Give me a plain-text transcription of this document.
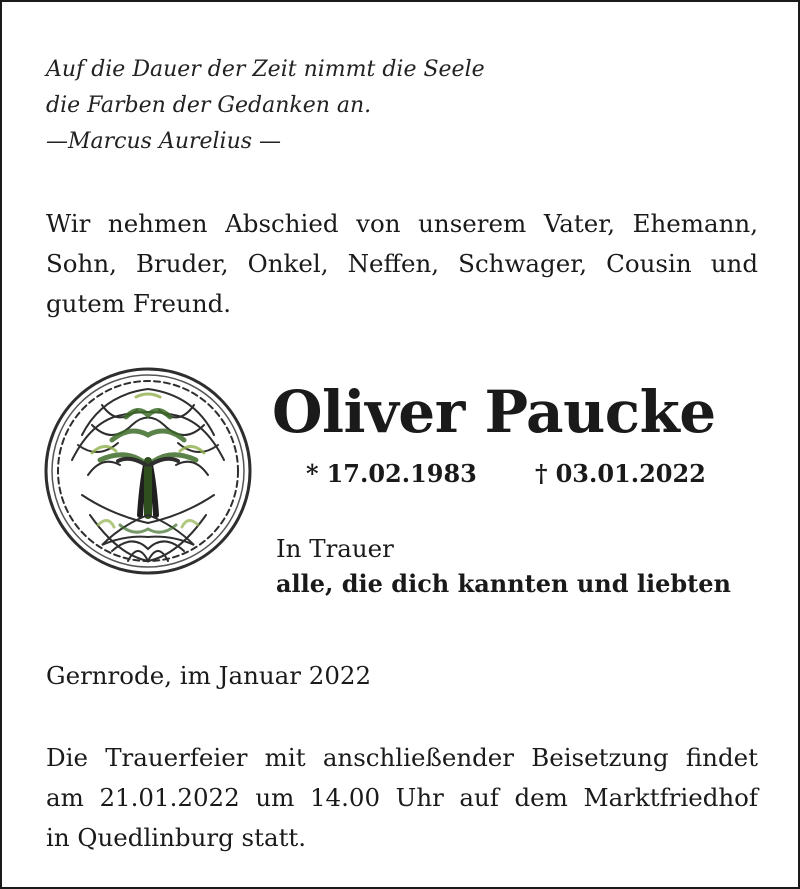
Auf die Dauer der Zeit nimmt die Seele
die Farben der Gedanken an.
—Marcus Aurelius —
Wir nehmen Abschied von unserem Vater, Ehemann,
Sohn, Bruder, Onkel, Neffen, Schwager, Cousin und
gutem Freund.
Oliver Paucke
* 17.02.1983 † 03.01.2022
In Trauer
alle, die dich kannten und liebten
Gernrode, im Januar 2022
Die Trauerfeier mit anschließender Beisetzung findet
am 21.01.2022 um 14.00 Uhr auf dem Marktfriedhof
in Quedlinburg statt.
